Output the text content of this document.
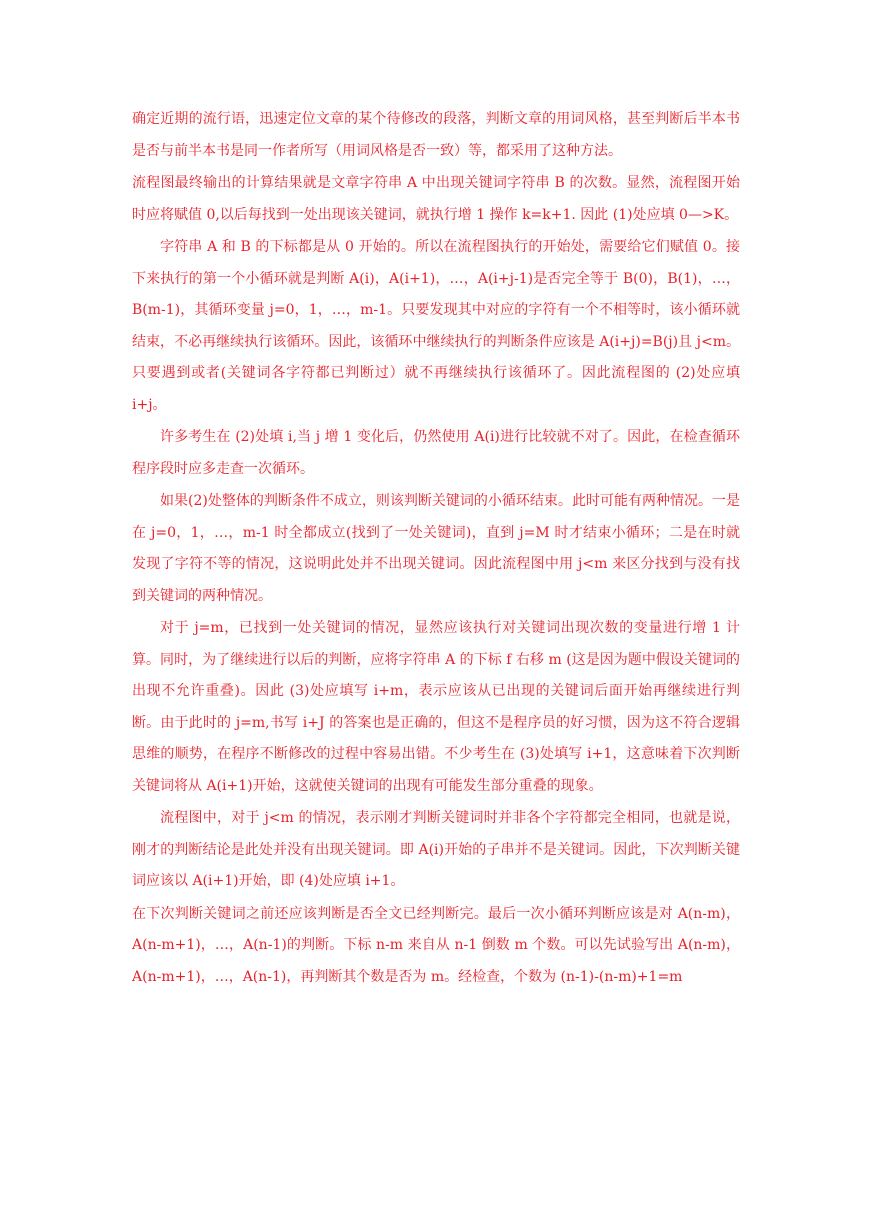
确定近期的流行语，迅速定位文章的某个待修改的段落，判断文章的用词风格，甚至判断后半本书是否与前半本书是同一作者所写（用词风格是否一致）等，都采用了这种方法。

流程图最终输出的计算结果就是文章字符串 A 中出现关键词字符串 B 的次数。显然，流程图开始时应将赋值 0,以后每找到一处出现该关键词，就执行增 1 操作 k=k+1. 因此 (1)处应填 0—>K。

字符串 A 和 B 的下标都是从 0 开始的。所以在流程图执行的开始处，需要给它们赋值 0。接下来执行的第一个小循环就是判断 A(i)，A(i+1)，…，A(i+j-1)是否完全等于 B(0)，B(1)，…，B(m-1)，其循环变量 j=0，1，…，m-1。只要发现其中对应的字符有一个不相等时，该小循环就结束，不必再继续执行该循环。因此，该循环中继续执行的判断条件应该是 A(i+j)=B(j)且 j<m。只要遇到或者(关键词各字符都已判断过）就不再继续执行该循环了。因此流程图的 (2)处应填 i+j。

许多考生在 (2)处填 i,当 j 增 1 变化后，仍然使用 A(i)进行比较就不对了。因此，在检查循环程序段时应多走查一次循环。

如果(2)处整体的判断条件不成立，则该判断关键词的小循环结束。此时可能有两种情况。一是在 j=0，1，…，m-1 时全都成立(找到了一处关键词)，直到 j=M 时才结束小循环；二是在时就发现了字符不等的情况，这说明此处并不出现关键词。因此流程图中用 j<m 来区分找到与没有找到关键词的两种情况。

对于 j=m，已找到一处关键词的情况，显然应该执行对关键词出现次数的变量进行增 1 计算。同时，为了继续进行以后的判断，应将字符串 A 的下标 f 右移 m (这是因为题中假设关键词的出现不允许重叠)。因此 (3)处应填写 i+m，表示应该从已出现的关键词后面开始再继续进行判断。由于此时的 j=m,书写 i+J 的答案也是正确的，但这不是程序员的好习惯，因为这不符合逻辑思维的顺势，在程序不断修改的过程中容易出错。不少考生在 (3)处填写 i+1，这意味着下次判断关键词将从 A(i+1)开始，这就使关键词的出现有可能发生部分重叠的现象。

流程图中，对于 j<m 的情况，表示刚才判断关键词时并非各个字符都完全相同，也就是说，刚才的判断结论是此处并没有出现关键词。即 A(i)开始的子串并不是关键词。因此，下次判断关键词应该以 A(i+1)开始，即 (4)处应填 i+1。

在下次判断关键词之前还应该判断是否全文已经判断完。最后一次小循环判断应该是对 A(n-m)，A(n-m+1)，…，A(n-1)的判断。下标 n-m 来自从 n-1 倒数 m 个数。可以先试验写出 A(n-m)，A(n-m+1)，…，A(n-1)，再判断其个数是否为 m。经检查，个数为 (n-1)-(n-m)+1=m
